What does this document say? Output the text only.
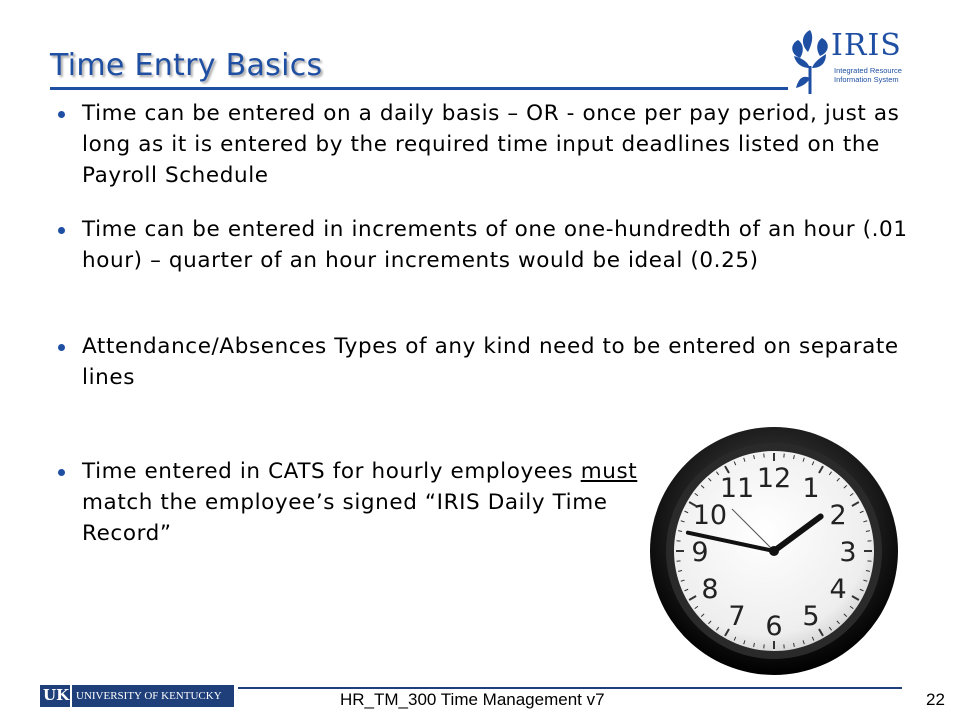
Time Entry Basics
IRIS
Integrated Resource
Information System
Time can be entered on a daily basis – OR - once per pay period, just as long as it is entered by the required time input deadlines listed on the Payroll Schedule
Time can be entered in increments of one one-hundredth of an hour (.01 hour) – quarter of an hour increments would be ideal (0.25)
Attendance/Absences Types of any kind need to be entered on separate lines
Time entered in CATS for hourly employees must match the employee’s signed “IRIS Daily Time Record”
12 1
2
3
4
5
6
7
8
9
10
11
UK UNIVERSITY OF KENTUCKY	HR_TM_300 Time Management v7	22
